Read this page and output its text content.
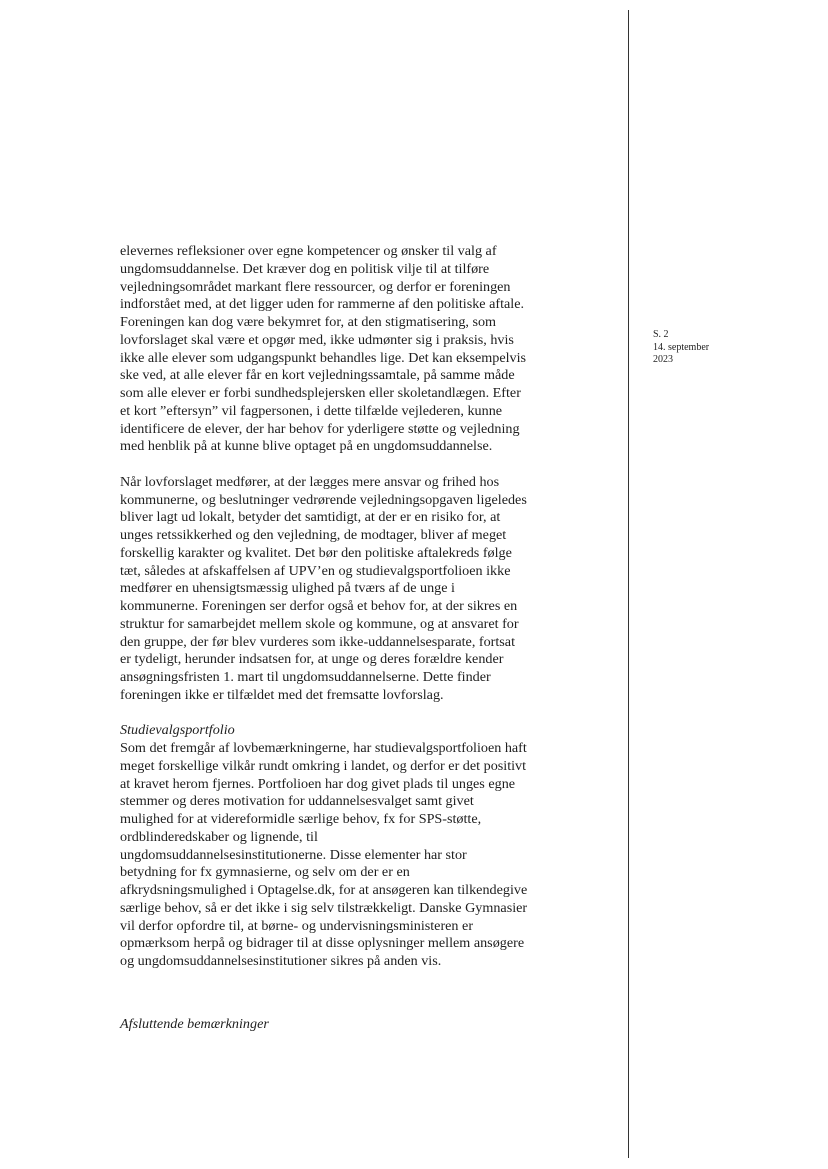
S. 2
14. september
2023

elevernes refleksioner over egne kompetencer og ønsker til valg af
ungdomsuddannelse. Det kræver dog en politisk vilje til at tilføre
vejledningsområdet markant flere ressourcer, og derfor er foreningen
indforstået med, at det ligger uden for rammerne af den politiske aftale.
Foreningen kan dog være bekymret for, at den stigmatisering, som
lovforslaget skal være et opgør med, ikke udmønter sig i praksis, hvis
ikke alle elever som udgangspunkt behandles lige. Det kan eksempelvis
ske ved, at alle elever får en kort vejledningssamtale, på samme måde
som alle elever er forbi sundhedsplejersken eller skoletandlægen. Efter
et kort ”eftersyn” vil fagpersonen, i dette tilfælde vejlederen, kunne
identificere de elever, der har behov for yderligere støtte og vejledning
med henblik på at kunne blive optaget på en ungdomsuddannelse.

Når lovforslaget medfører, at der lægges mere ansvar og frihed hos
kommunerne, og beslutninger vedrørende vejledningsopgaven ligeledes
bliver lagt ud lokalt, betyder det samtidigt, at der er en risiko for, at
unges retssikkerhed og den vejledning, de modtager, bliver af meget
forskellig karakter og kvalitet. Det bør den politiske aftalekreds følge
tæt, således at afskaffelsen af UPV’en og studievalgsportfolioen ikke
medfører en uhensigtsmæssig ulighed på tværs af de unge i
kommunerne. Foreningen ser derfor også et behov for, at der sikres en
struktur for samarbejdet mellem skole og kommune, og at ansvaret for
den gruppe, der før blev vurderes som ikke-uddannelsesparate, fortsat
er tydeligt, herunder indsatsen for, at unge og deres forældre kender
ansøgningsfristen 1. mart til ungdomsuddannelserne. Dette finder
foreningen ikke er tilfældet med det fremsatte lovforslag.

Studievalgsportfolio
Som det fremgår af lovbemærkningerne, har studievalgsportfolioen haft
meget forskellige vilkår rundt omkring i landet, og derfor er det positivt
at kravet herom fjernes. Portfolioen har dog givet plads til unges egne
stemmer og deres motivation for uddannelsesvalget samt givet
mulighed for at videreformidle særlige behov, fx for SPS-støtte,
ordblinderedskaber og lignende, til
ungdomsuddannelsesinstitutionerne. Disse elementer har stor
betydning for fx gymnasierne, og selv om der er en
afkrydsningsmulighed i Optagelse.dk, for at ansøgeren kan tilkendegive
særlige behov, så er det ikke i sig selv tilstrækkeligt. Danske Gymnasier
vil derfor opfordre til, at børne- og undervisningsministeren er
opmærksom herpå og bidrager til at disse oplysninger mellem ansøgere
og ungdomsuddannelsesinstitutioner sikres på anden vis.

Afsluttende bemærkninger
